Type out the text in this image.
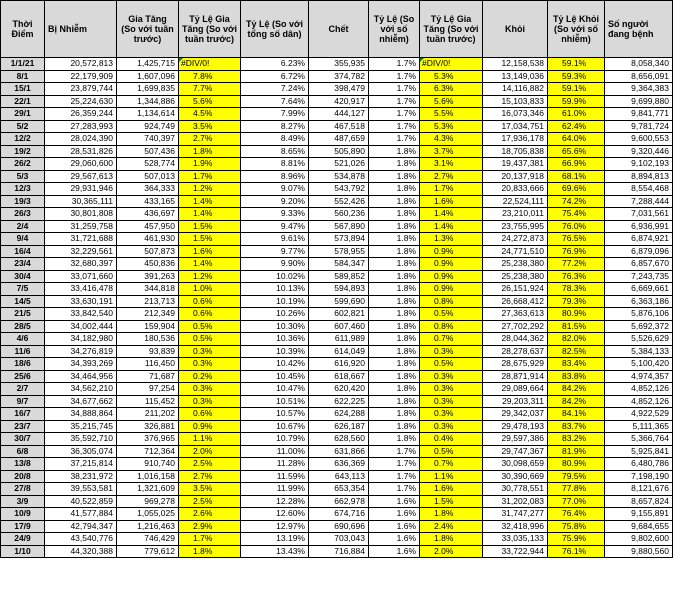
Thời Điểm	Bị Nhiễm	Gia Tăng (So với tuần trước)	Tỷ Lệ Gia Tăng (So với tuần trước)	Tỷ Lệ (So với tổng số dân)	Chết	Tỷ Lệ (So với số nhiễm)	Tỷ Lệ Gia Tăng (So với tuần trước)	Khỏi	Tỷ Lệ Khỏi (So với số nhiễm)	Số người đang bệnh
1/1/21	20,572,813	1,425,715	#DIV/0!	6.23%	355,935	1.7%	#DIV/0!	12,158,538	59.1%	8,058,340
8/1	22,179,909	1,607,096	7.8%	6.72%	374,782	1.7%	5.3%	13,149,036	59.3%	8,656,091
15/1	23,879,744	1,699,835	7.7%	7.24%	398,479	1.7%	6.3%	14,116,882	59.1%	9,364,383
22/1	25,224,630	1,344,886	5.6%	7.64%	420,917	1.7%	5.6%	15,103,833	59.9%	9,699,880
29/1	26,359,244	1,134,614	4.5%	7.99%	444,127	1.7%	5.5%	16,073,346	61.0%	9,841,771
5/2	27,283,993	924,749	3.5%	8.27%	467,518	1.7%	5.3%	17,034,751	62.4%	9,781,724
12/2	28,024,390	740,397	2.7%	8.49%	487,659	1.7%	4.3%	17,936,178	64.0%	9,600,553
19/2	28,531,826	507,436	1.8%	8.65%	505,890	1.8%	3.7%	18,705,838	65.6%	9,320,446
26/2	29,060,600	528,774	1.9%	8.81%	521,026	1.8%	3.1%	19,437,381	66.9%	9,102,193
5/3	29,567,613	507,013	1.7%	8.96%	534,878	1.8%	2.7%	20,137,918	68.1%	8,894,813
12/3	29,931,946	364,333	1.2%	9.07%	543,792	1.8%	1.7%	20,833,666	69.6%	8,554,468
19/3	30,365,111	433,165	1.4%	9.20%	552,426	1.8%	1.6%	22,524,111	74.2%	7,288,444
26/3	30,801,808	436,697	1.4%	9.33%	560,236	1.8%	1.4%	23,210,011	75.4%	7,031,561
2/4	31,259,758	457,950	1.5%	9.47%	567,890	1.8%	1.4%	23,755,995	76.0%	6,936,991
9/4	31,721,688	461,930	1.5%	9.61%	573,894	1.8%	1.3%	24,272,873	76.5%	6,874,921
16/4	32,229,561	507,873	1.6%	9.77%	578,955	1.8%	0.9%	24,771,510	76.9%	6,879,096
23/4	32,680,397	450,836	1.4%	9.90%	584,347	1.8%	0.9%	25,238,380	77.2%	6,857,670
30/4	33,071,660	391,263	1.2%	10.02%	589,852	1.8%	0.9%	25,238,380	76.3%	7,243,735
7/5	33,416,478	344,818	1.0%	10.13%	594,893	1.8%	0.9%	26,151,924	78.3%	6,669,661
14/5	33,630,191	213,713	0.6%	10.19%	599,690	1.8%	0.8%	26,668,412	79.3%	6,363,186
21/5	33,842,540	212,349	0.6%	10.26%	602,821	1.8%	0.5%	27,363,613	80.9%	5,876,106
28/5	34,002,444	159,904	0.5%	10.30%	607,460	1.8%	0.8%	27,702,292	81.5%	5,692,372
4/6	34,182,980	180,536	0.5%	10.36%	611,989	1.8%	0.7%	28,044,362	82.0%	5,526,629
11/6	34,276,819	93,839	0.3%	10.39%	614,049	1.8%	0.3%	28,278,637	82.5%	5,384,133
18/6	34,393,269	116,450	0.3%	10.42%	616,920	1.8%	0.5%	28,675,929	83.4%	5,100,420
25/6	34,464,956	71,687	0.2%	10.45%	618,667	1.8%	0.3%	28,871,914	83.8%	4,974,357
2/7	34,562,210	97,254	0.3%	10.47%	620,420	1.8%	0.3%	29,089,664	84.2%	4,852,126
9/7	34,677,662	115,452	0.3%	10.51%	622,225	1.8%	0.3%	29,203,311	84.2%	4,852,126
16/7	34,888,864	211,202	0.6%	10.57%	624,288	1.8%	0.3%	29,342,037	84.1%	4,922,529
23/7	35,215,745	326,881	0.9%	10.67%	626,187	1.8%	0.3%	29,478,193	83.7%	5,111,365
30/7	35,592,710	376,965	1.1%	10.79%	628,560	1.8%	0.4%	29,597,386	83.2%	5,366,764
6/8	36,305,074	712,364	2.0%	11.00%	631,866	1.7%	0.5%	29,747,367	81.9%	5,925,841
13/8	37,215,814	910,740	2.5%	11.28%	636,369	1.7%	0.7%	30,098,659	80.9%	6,480,786
20/8	38,231,972	1,016,158	2.7%	11.59%	643,113	1.7%	1.1%	30,390,669	79.5%	7,198,190
27/8	39,553,581	1,321,609	3.5%	11.99%	653,354	1.7%	1.6%	30,778,551	77.8%	8,121,676
3/9	40,522,859	969,278	2.5%	12.28%	662,978	1.6%	1.5%	31,202,083	77.0%	8,657,824
10/9	41,577,884	1,055,025	2.6%	12.60%	674,716	1.6%	1.8%	31,747,277	76.4%	9,155,891
17/9	42,794,347	1,216,463	2.9%	12.97%	690,696	1.6%	2.4%	32,418,996	75.8%	9,684,655
24/9	43,540,776	746,429	1.7%	13.19%	703,043	1.6%	1.8%	33,035,133	75.9%	9,802,600
1/10	44,320,388	779,612	1.8%	13.43%	716,884	1.6%	2.0%	33,722,944	76.1%	9,880,560
